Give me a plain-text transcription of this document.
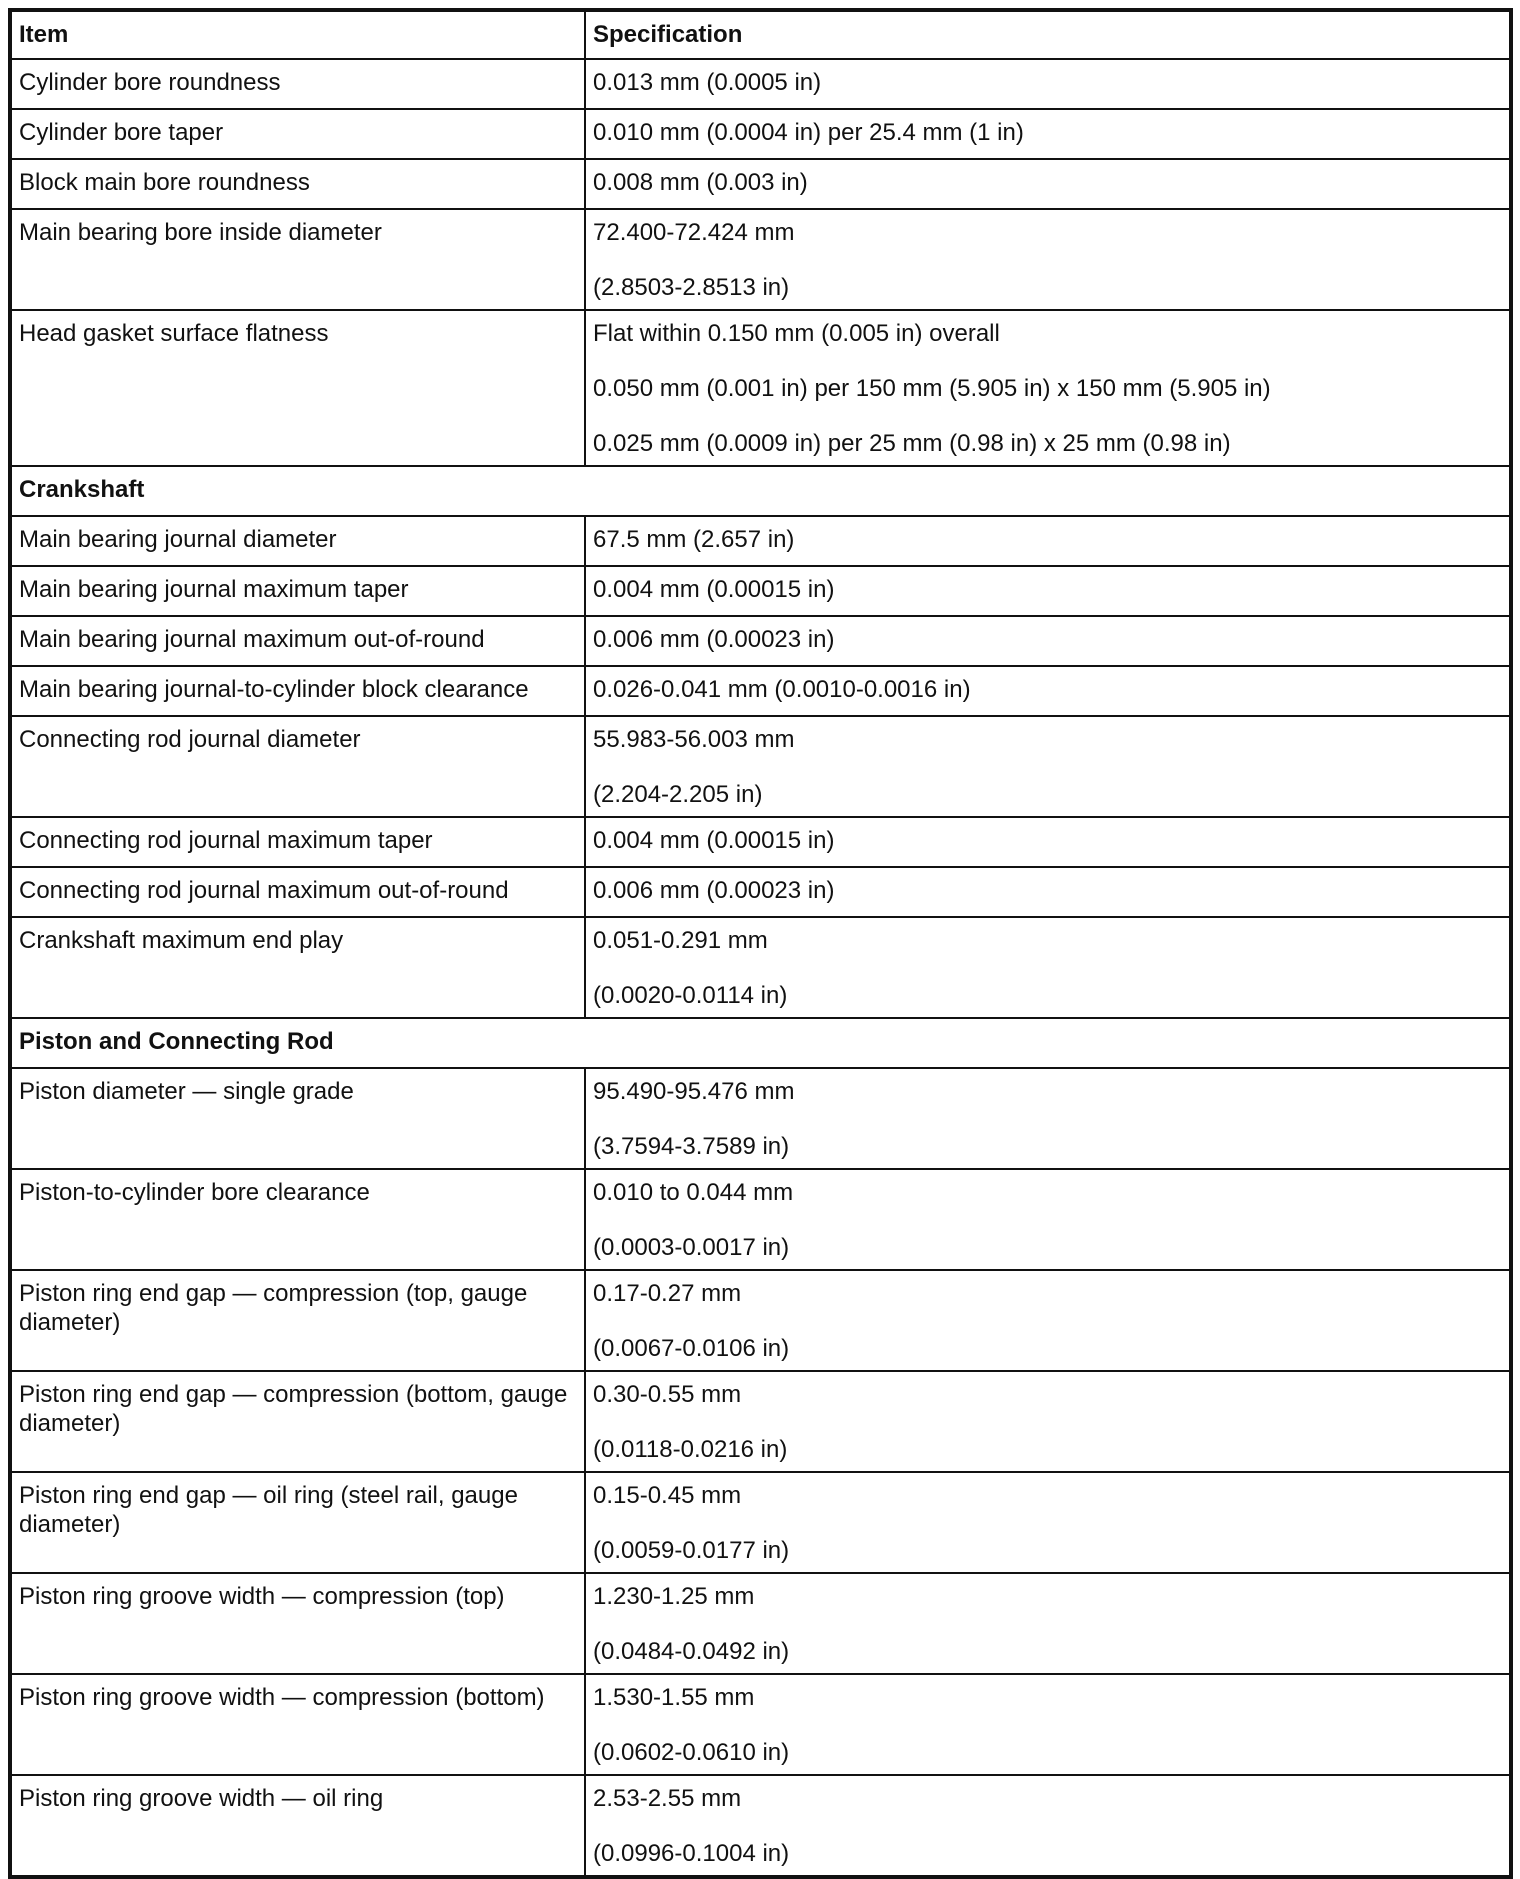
Item	Specification
Cylinder bore roundness	0.013 mm (0.0005 in)

Cylinder bore taper	0.010 mm (0.0004 in) per 25.4 mm (1 in)

Block main bore roundness	0.008 mm (0.003 in)

Main bearing bore inside diameter	72.400-72.424 mm
(2.8503-2.8513 in)

Head gasket surface flatness	Flat within 0.150 mm (0.005 in) overall
0.050 mm (0.001 in) per 150 mm (5.905 in) x 150 mm (5.905 in)
0.025 mm (0.0009 in) per 25 mm (0.98 in) x 25 mm (0.98 in)

Crankshaft	
Main bearing journal diameter	67.5 mm (2.657 in)

Main bearing journal maximum taper	0.004 mm (0.00015 in)

Main bearing journal maximum out-of-round	0.006 mm (0.00023 in)

Main bearing journal-to-cylinder block clearance	0.026-0.041 mm (0.0010-0.0016 in)

Connecting rod journal diameter	55.983-56.003 mm
(2.204-2.205 in)

Connecting rod journal maximum taper	0.004 mm (0.00015 in)

Connecting rod journal maximum out-of-round	0.006 mm (0.00023 in)

Crankshaft maximum end play	0.051-0.291 mm
(0.0020-0.0114 in)

Piston and Connecting Rod	
Piston diameter — single grade	95.490-95.476 mm
(3.7594-3.7589 in)

Piston-to-cylinder bore clearance	0.010 to 0.044 mm
(0.0003-0.0017 in)

Piston ring end gap — compression (top, gauge diameter)	0.17-0.27 mm
(0.0067-0.0106 in)

Piston ring end gap — compression (bottom, gauge diameter)	0.30-0.55 mm
(0.0118-0.0216 in)

Piston ring end gap — oil ring (steel rail, gauge diameter)	0.15-0.45 mm
(0.0059-0.0177 in)

Piston ring groove width — compression (top)	1.230-1.25 mm
(0.0484-0.0492 in)

Piston ring groove width — compression (bottom)	1.530-1.55 mm
(0.0602-0.0610 in)

Piston ring groove width — oil ring	2.53-2.55 mm
(0.0996-0.1004 in)
